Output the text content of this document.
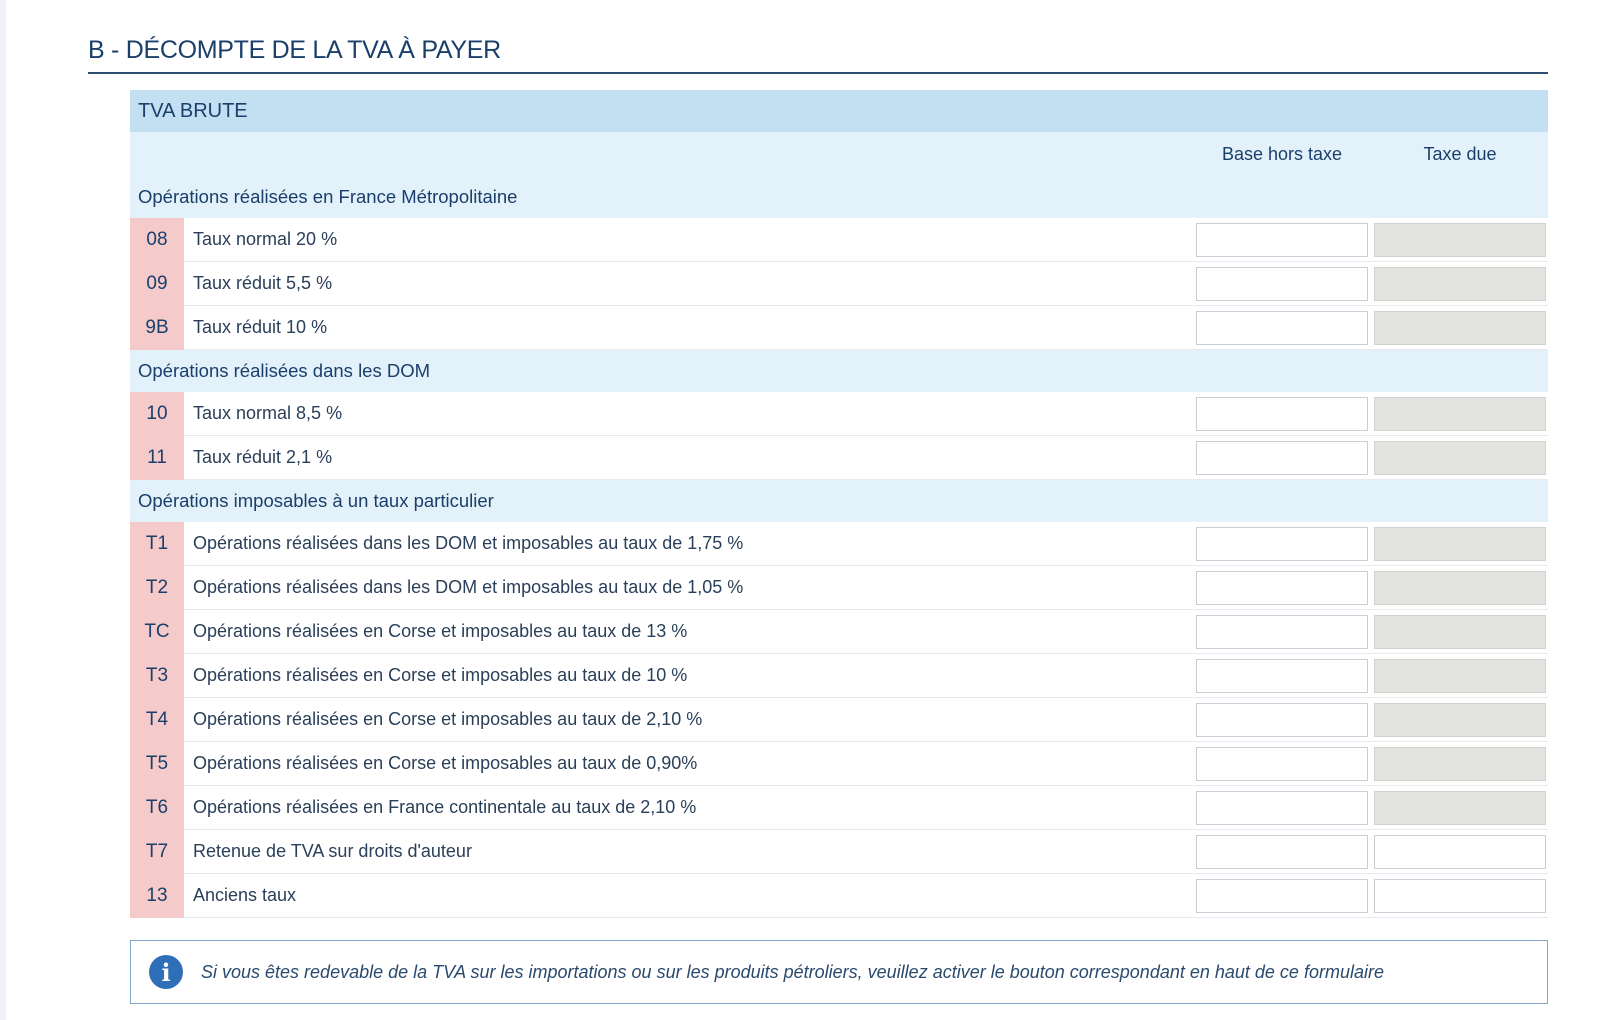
B - DÉCOMPTE DE LA TVA À PAYER
TVA BRUTE
Base hors taxe	Taxe due
Opérations réalisées en France Métropolitaine
08	Taux normal 20 %
09	Taux réduit 5,5 %
9B	Taux réduit 10 %
Opérations réalisées dans les DOM
10	Taux normal 8,5 %
11	Taux réduit 2,1 %
Opérations imposables à un taux particulier
T1	Opérations réalisées dans les DOM et imposables au taux de 1,75 %
T2	Opérations réalisées dans les DOM et imposables au taux de 1,05 %
TC	Opérations réalisées en Corse et imposables au taux de 13 %
T3	Opérations réalisées en Corse et imposables au taux de 10 %
T4	Opérations réalisées en Corse et imposables au taux de 2,10 %
T5	Opérations réalisées en Corse et imposables au taux de 0,90%
T6	Opérations réalisées en France continentale au taux de 2,10 %
T7	Retenue de TVA sur droits d'auteur
13	Anciens taux
i	Si vous êtes redevable de la TVA sur les importations ou sur les produits pétroliers, veuillez activer le bouton correspondant en haut de ce formulaire
